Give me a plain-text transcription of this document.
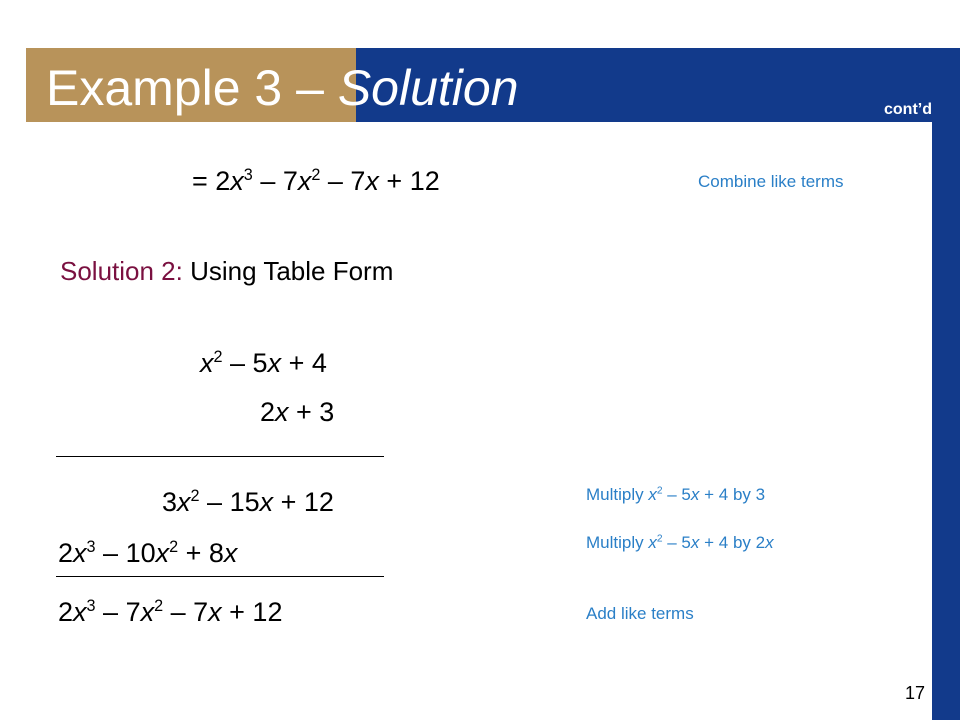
Example 3 – Solution	cont’d
= $2x^3 - 7x^2 - 7x + 12$	Combine like terms
Solution 2: Using Table Form
$x^2 - 5x + 4$
2x + 3
$3x^2 - 15x + 12$	Multiply $x^2 - 5x + 4$ by 3
$2x^3 - 10x^2 + 8x$	Multiply $x^2 - 5x + 4$ by 2x
$2x^3 - 7x^2 - 7x + 12$	Add like terms
17
